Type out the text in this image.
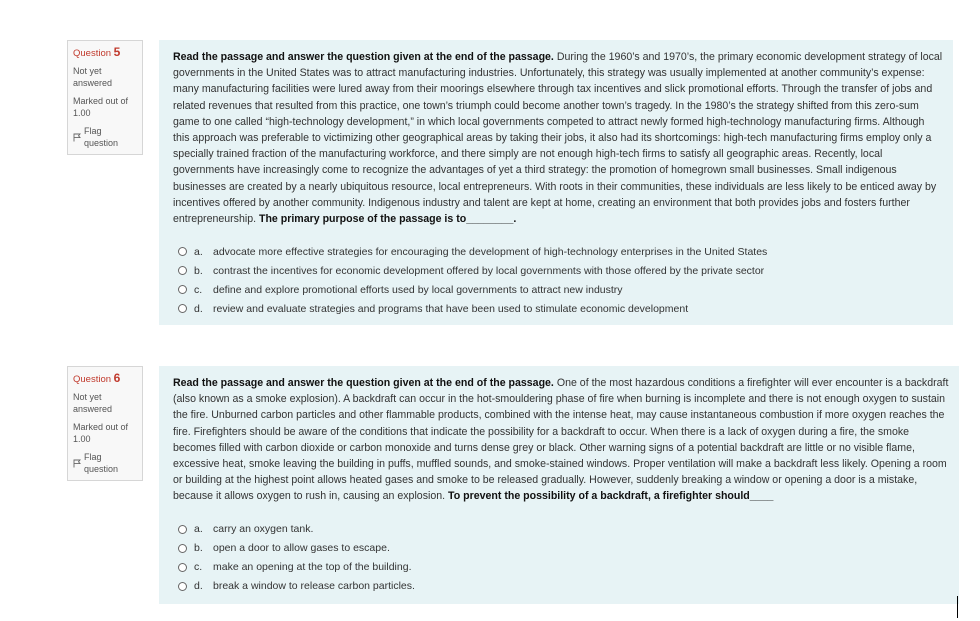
Question 5
Not yet answered
Marked out of 1.00
Flag question
Read the passage and answer the question given at the end of the passage. During the 1960’s and 1970’s, the primary economic development strategy of local governments in the United States was to attract manufacturing industries. Unfortunately, this strategy was usually implemented at another community’s expense: many manufacturing facilities were lured away from their moorings elsewhere through tax incentives and slick promotional efforts. Through the transfer of jobs and related revenues that resulted from this practice, one town’s triumph could become another town’s tragedy. In the 1980’s the strategy shifted from this zero-sum game to one called “high-technology development,” in which local governments competed to attract newly formed high-technology manufacturing firms. Although this approach was preferable to victimizing other geographical areas by taking their jobs, it also had its shortcomings: high-tech manufacturing firms employ only a specially trained fraction of the manufacturing workforce, and there simply are not enough high-tech firms to satisfy all geographic areas. Recently, local governments have increasingly come to recognize the advantages of yet a third strategy: the promotion of homegrown small businesses. Small indigenous businesses are created by a nearly ubiquitous resource, local entrepreneurs. With roots in their communities, these individuals are less likely to be enticed away by incentives offered by another community. Indigenous industry and talent are kept at home, creating an environment that both provides jobs and fosters further entrepreneurship. The primary purpose of the passage is to________.
a. advocate more effective strategies for encouraging the development of high-technology enterprises in the United States
b. contrast the incentives for economic development offered by local governments with those offered by the private sector
c.	define and explore promotional efforts used by local governments to attract new industry
d. review and evaluate strategies and programs that have been used to stimulate economic development
Question 6
Not yet answered
Marked out of 1.00
Flag question
Read the passage and answer the question given at the end of the passage. One of the most hazardous conditions a firefighter will ever encounter is a backdraft (also known as a smoke explosion). A backdraft can occur in the hot-smouldering phase of fire when burning is incomplete and there is not enough oxygen to sustain the fire. Unburned carbon particles and other flammable products, combined with the intense heat, may cause instantaneous combustion if more oxygen reaches the fire. Firefighters should be aware of the conditions that indicate the possibility for a backdraft to occur. When there is a lack of oxygen during a fire, the smoke becomes filled with carbon dioxide or carbon monoxide and turns dense grey or black. Other warning signs of a potential backdraft are little or no visible flame, excessive heat, smoke leaving the building in puffs, muffled sounds, and smoke-stained windows. Proper ventilation will make a backdraft less likely. Opening a room or building at the highest point allows heated gases and smoke to be released gradually. However, suddenly breaking a window or opening a door is a mistake, because it allows oxygen to rush in, causing an explosion. To prevent the possibility of a backdraft, a firefighter should____
a. carry an oxygen tank.
b. open a door to allow gases to escape.
c.	make an opening at the top of the building.
d. break a window to release carbon particles.
